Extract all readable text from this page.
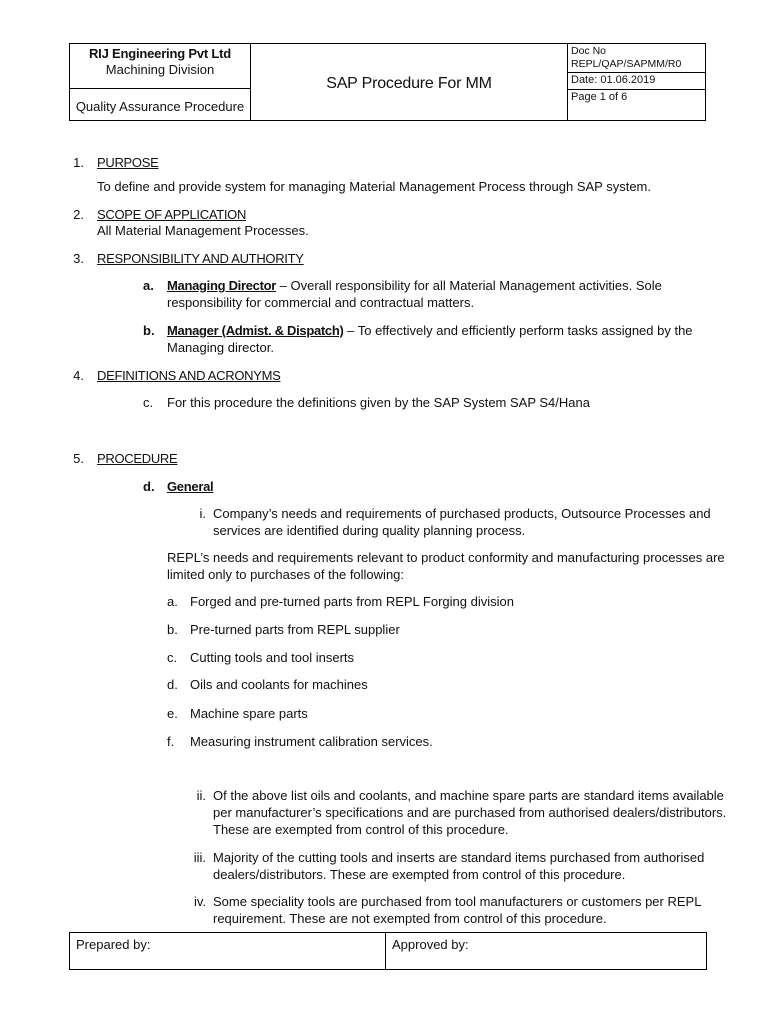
RIJ Engineering Pvt Ltd
Machining Division
Quality Assurance Procedure
SAP Procedure For MM
Doc No
REPL/QAP/SAPMM/R0
Date: 01.06.2019
Page 1 of 6
1. PURPOSE
To define and provide system for managing Material Management Process through SAP system.
2. SCOPE OF APPLICATION
All Material Management Processes.
3. RESPONSIBILITY AND AUTHORITY
a. Managing Director – Overall responsibility for all Material Management activities. Sole
responsibility for commercial and contractual matters.
b. Manager (Admist. & Dispatch) – To effectively and efficiently perform tasks assigned by the
Managing director.
4. DEFINITIONS AND ACRONYMS
c. For this procedure the definitions given by the SAP System SAP S4/Hana
5. PROCEDURE
d. General
i. Company’s needs and requirements of purchased products, Outsource Processes and
services are identified during quality planning process.
REPL’s needs and requirements relevant to product conformity and manufacturing processes are
limited only to purchases of the following:
a. Forged and pre-turned parts from REPL Forging division
b. Pre-turned parts from REPL supplier
c. Cutting tools and tool inserts
d. Oils and coolants for machines
e. Machine spare parts
f. Measuring instrument calibration services.
ii. Of the above list oils and coolants, and machine spare parts are standard items available
per manufacturer’s specifications and are purchased from authorised dealers/distributors.
These are exempted from control of this procedure.
iii. Majority of the cutting tools and inserts are standard items purchased from authorised
dealers/distributors. These are exempted from control of this procedure.
iv. Some speciality tools are purchased from tool manufacturers or customers per REPL
requirement. These are not exempted from control of this procedure.
Prepared by:	Approved by:
